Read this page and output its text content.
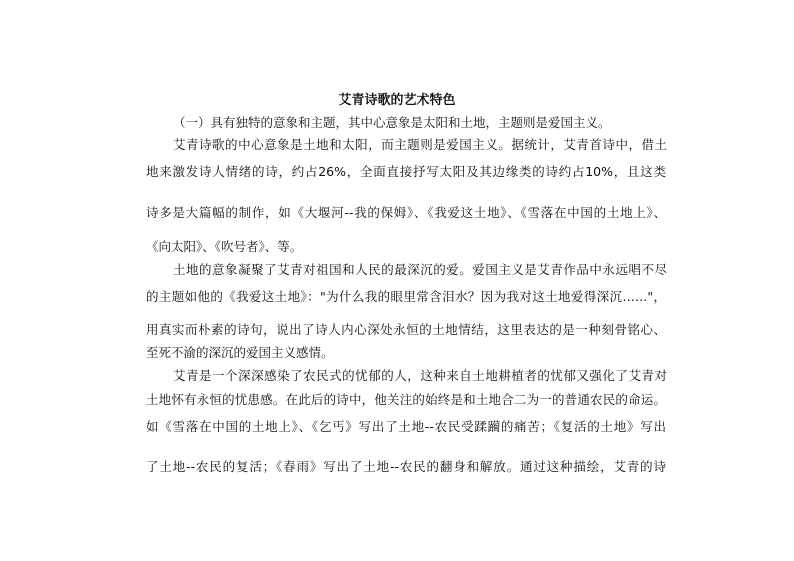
艾青诗歌的艺术特色
（一）具有独特的意象和主题，其中心意象是太阳和土地，主题则是爱国主义。
艾青诗歌的中心意象是土地和太阳，而主题则是爱国主义。据统计，艾青首诗中，借土
地来激发诗人情绪的诗，约占26%，全面直接抒写太阳及其边缘类的诗约占10%，且这类
诗多是大篇幅的制作，如《大堰河--我的保姆》、《我爱这土地》、《雪落在中国的土地上》、
《向太阳》、《吹号者》、等。
土地的意象凝聚了艾青对祖国和人民的最深沉的爱。爱国主义是艾青作品中永远唱不尽
的主题如他的《我爱这土地》："为什么我的眼里常含泪水？因为我对这土地爱得深沉……"，
用真实而朴素的诗句，说出了诗人内心深处永恒的土地情结，这里表达的是一种刻骨铭心、
至死不渝的深沉的爱国主义感情。
艾青是一个深深感染了农民式的忧郁的人，这种来自土地耕植者的忧郁又强化了艾青对
土地怀有永恒的忧患感。在此后的诗中，他关注的始终是和土地合二为一的普通农民的命运。
如《雪落在中国的土地上》、《乞丐》写出了土地--农民受蹂躏的痛苦；《复活的土地》写出
了土地--农民的复活；《春雨》写出了土地--农民的翻身和解放。通过这种描绘，艾青的诗
